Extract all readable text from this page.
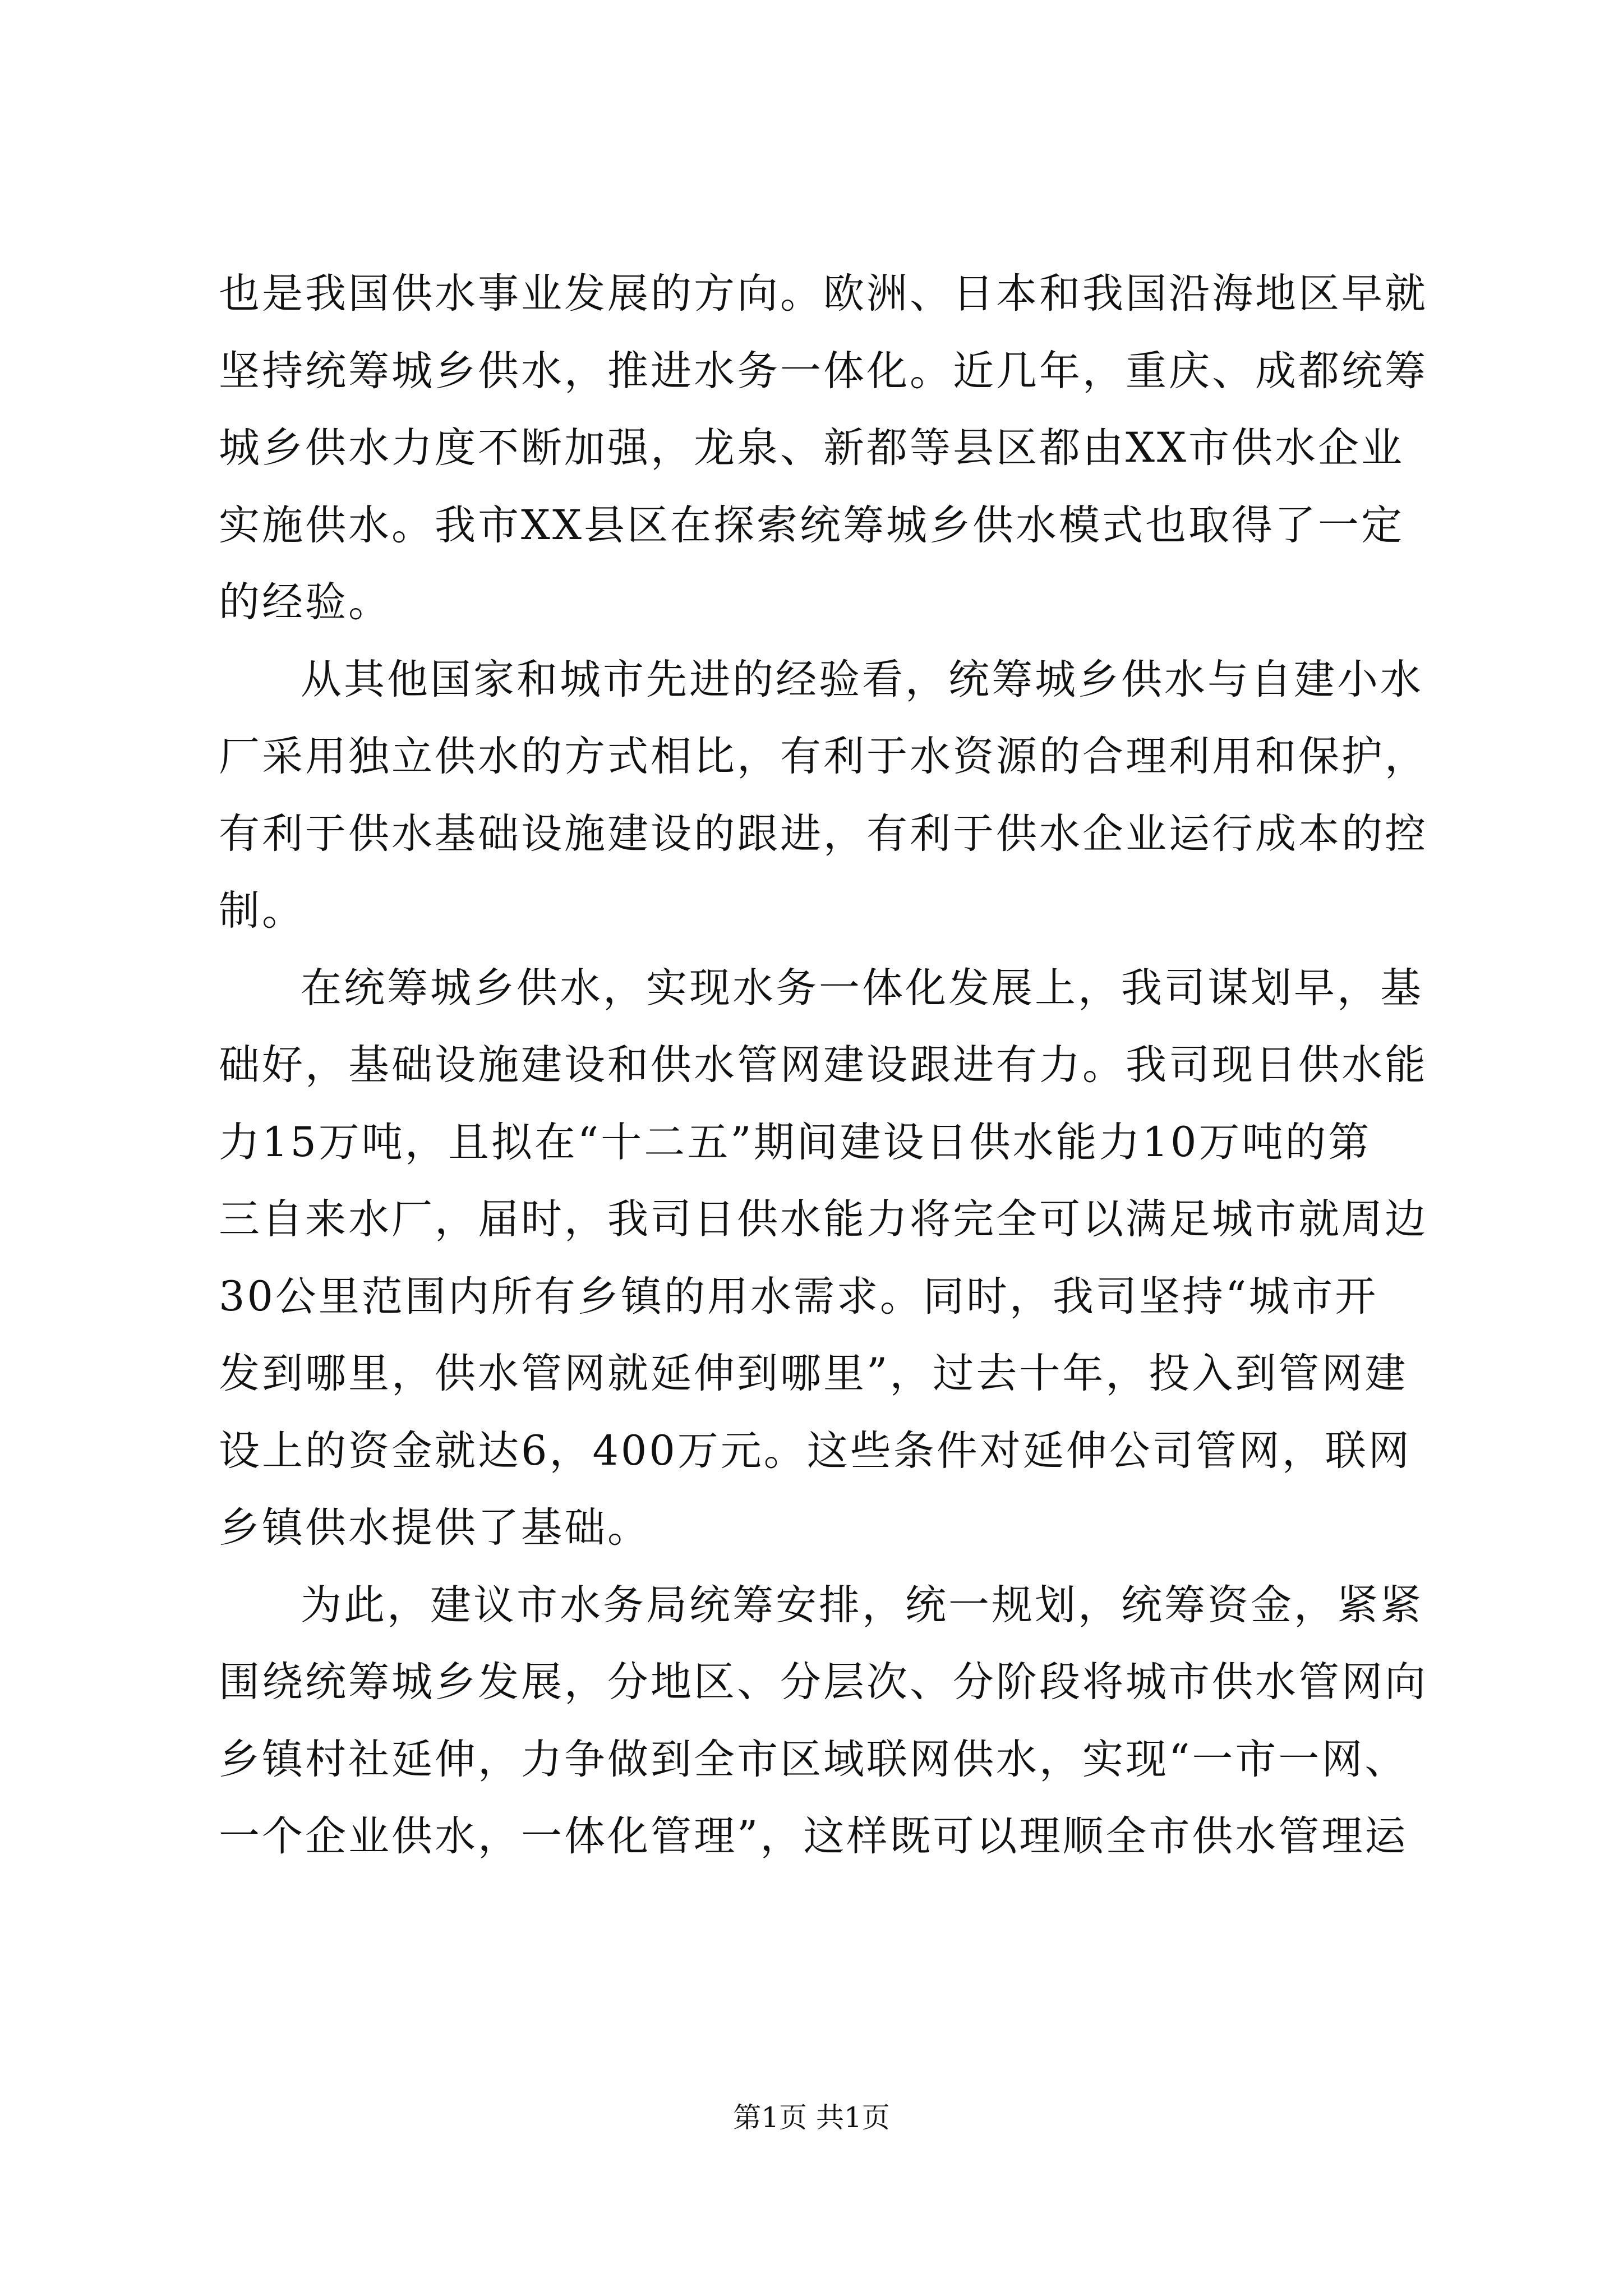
也是我国供水事业发展的方向。欧洲、日本和我国沿海地区早就
坚持统筹城乡供水，推进水务一体化。近几年，重庆、成都统筹
城乡供水力度不断加强，龙泉、新都等县区都由XX市供水企业
实施供水。我市XX县区在探索统筹城乡供水模式也取得了一定
的经验。
从其他国家和城市先进的经验看，统筹城乡供水与自建小水
厂采用独立供水的方式相比，有利于水资源的合理利用和保护，
有利于供水基础设施建设的跟进，有利于供水企业运行成本的控
制。
在统筹城乡供水，实现水务一体化发展上，我司谋划早，基
础好，基础设施建设和供水管网建设跟进有力。我司现日供水能
力15万吨，且拟在“十二五”期间建设日供水能力10万吨的第
三自来水厂，届时，我司日供水能力将完全可以满足城市就周边
30公里范围内所有乡镇的用水需求。同时，我司坚持“城市开
发到哪里，供水管网就延伸到哪里”，过去十年，投入到管网建
设上的资金就达6，400万元。这些条件对延伸公司管网，联网
乡镇供水提供了基础。
为此，建议市水务局统筹安排，统一规划，统筹资金，紧紧
围绕统筹城乡发展，分地区、分层次、分阶段将城市供水管网向
乡镇村社延伸，力争做到全市区域联网供水，实现“一市一网、
一个企业供水，一体化管理”，这样既可以理顺全市供水管理运
第1页 共1页
